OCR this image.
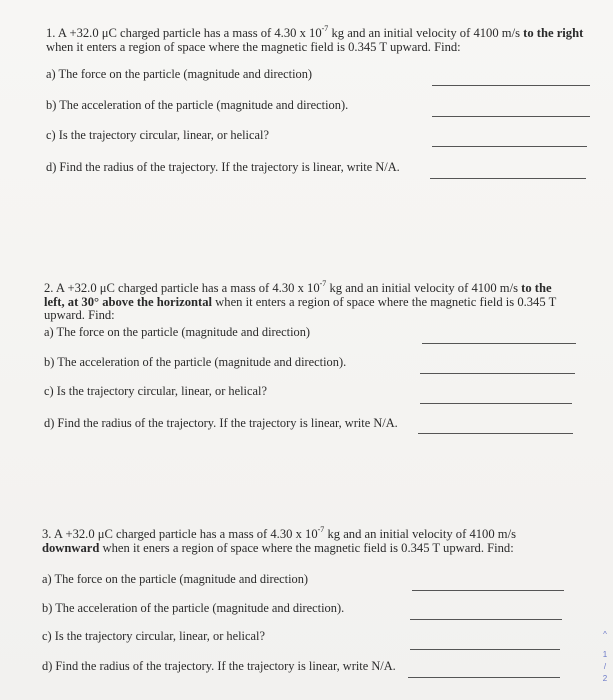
1. A +32.0 μC charged particle has a mass of 4.30 x $10^{-7}$ kg and an initial velocity of 4100 m/s to the right when it enters a region of space where the magnetic field is 0.345 T upward. Find:

a) The force on the particle (magnitude and direction)
b) The acceleration of the particle (magnitude and direction).
c) Is the trajectory circular, linear, or helical?
d) Find the radius of the trajectory. If the trajectory is linear, write N/A.

2. A +32.0 μC charged particle has a mass of 4.30 x $10^{-7}$ kg and an initial velocity of 4100 m/s to the left, at 30° above the horizontal when it enters a region of space where the magnetic field is 0.345 T upward. Find:

a) The force on the particle (magnitude and direction)
b) The acceleration of the particle (magnitude and direction).
c) Is the trajectory circular, linear, or helical?
d) Find the radius of the trajectory. If the trajectory is linear, write N/A.

3. A +32.0 μC charged particle has a mass of 4.30 x $10^{-7}$ kg and an initial velocity of 4100 m/s downward when it eners a region of space where the magnetic field is 0.345 T upward. Find:

a) The force on the particle (magnitude and direction)
b) The acceleration of the particle (magnitude and direction).
c) Is the trajectory circular, linear, or helical?
d) Find the radius of the trajectory. If the trajectory is linear, write N/A.
^
1
/
2
